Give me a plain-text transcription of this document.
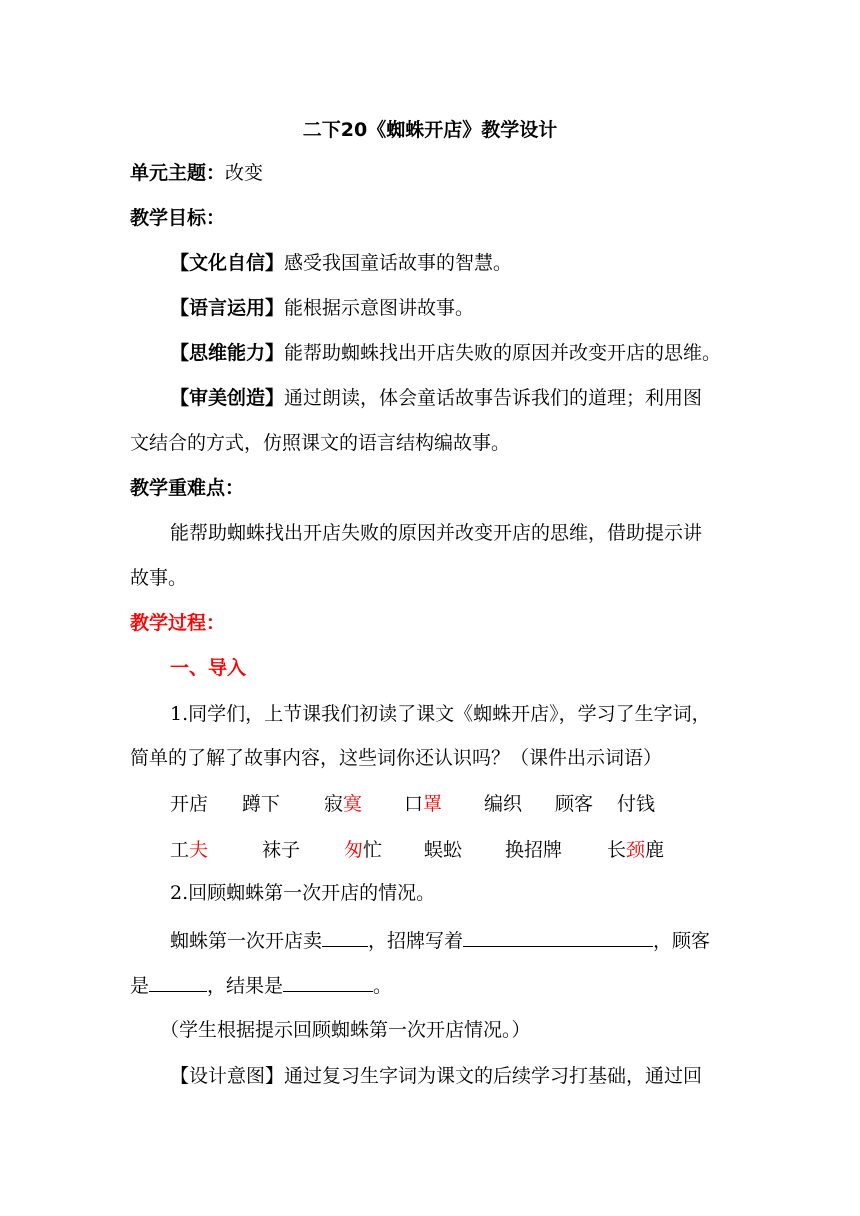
二下20《蜘蛛开店》教学设计
单元主题：改变
教学目标：
【文化自信】感受我国童话故事的智慧。
【语言运用】能根据示意图讲故事。
【思维能力】能帮助蜘蛛找出开店失败的原因并改变开店的思维。
【审美创造】通过朗读，体会童话故事告诉我们的道理；利用图
文结合的方式，仿照课文的语言结构编故事。
教学重难点：
能帮助蜘蛛找出开店失败的原因并改变开店的思维，借助提示讲
故事。
教学过程：
一、导入
1.同学们，上节课我们初读了课文《蜘蛛开店》，学习了生字词，
简单的了解了故事内容，这些词你还认识吗？（课件出示词语）
开店 蹲下 寂寞 口罩 编织 顾客 付钱
工夫	袜子 匆忙 蜈蚣 换招牌 长颈鹿
2.回顾蜘蛛第一次开店的情况。
蜘蛛第一次开店卖 ，招牌写着	，顾客
是	，结果是	。
（学生根据提示回顾蜘蛛第一次开店情况。）
【设计意图】通过复习生字词为课文的后续学习打基础，通过回
